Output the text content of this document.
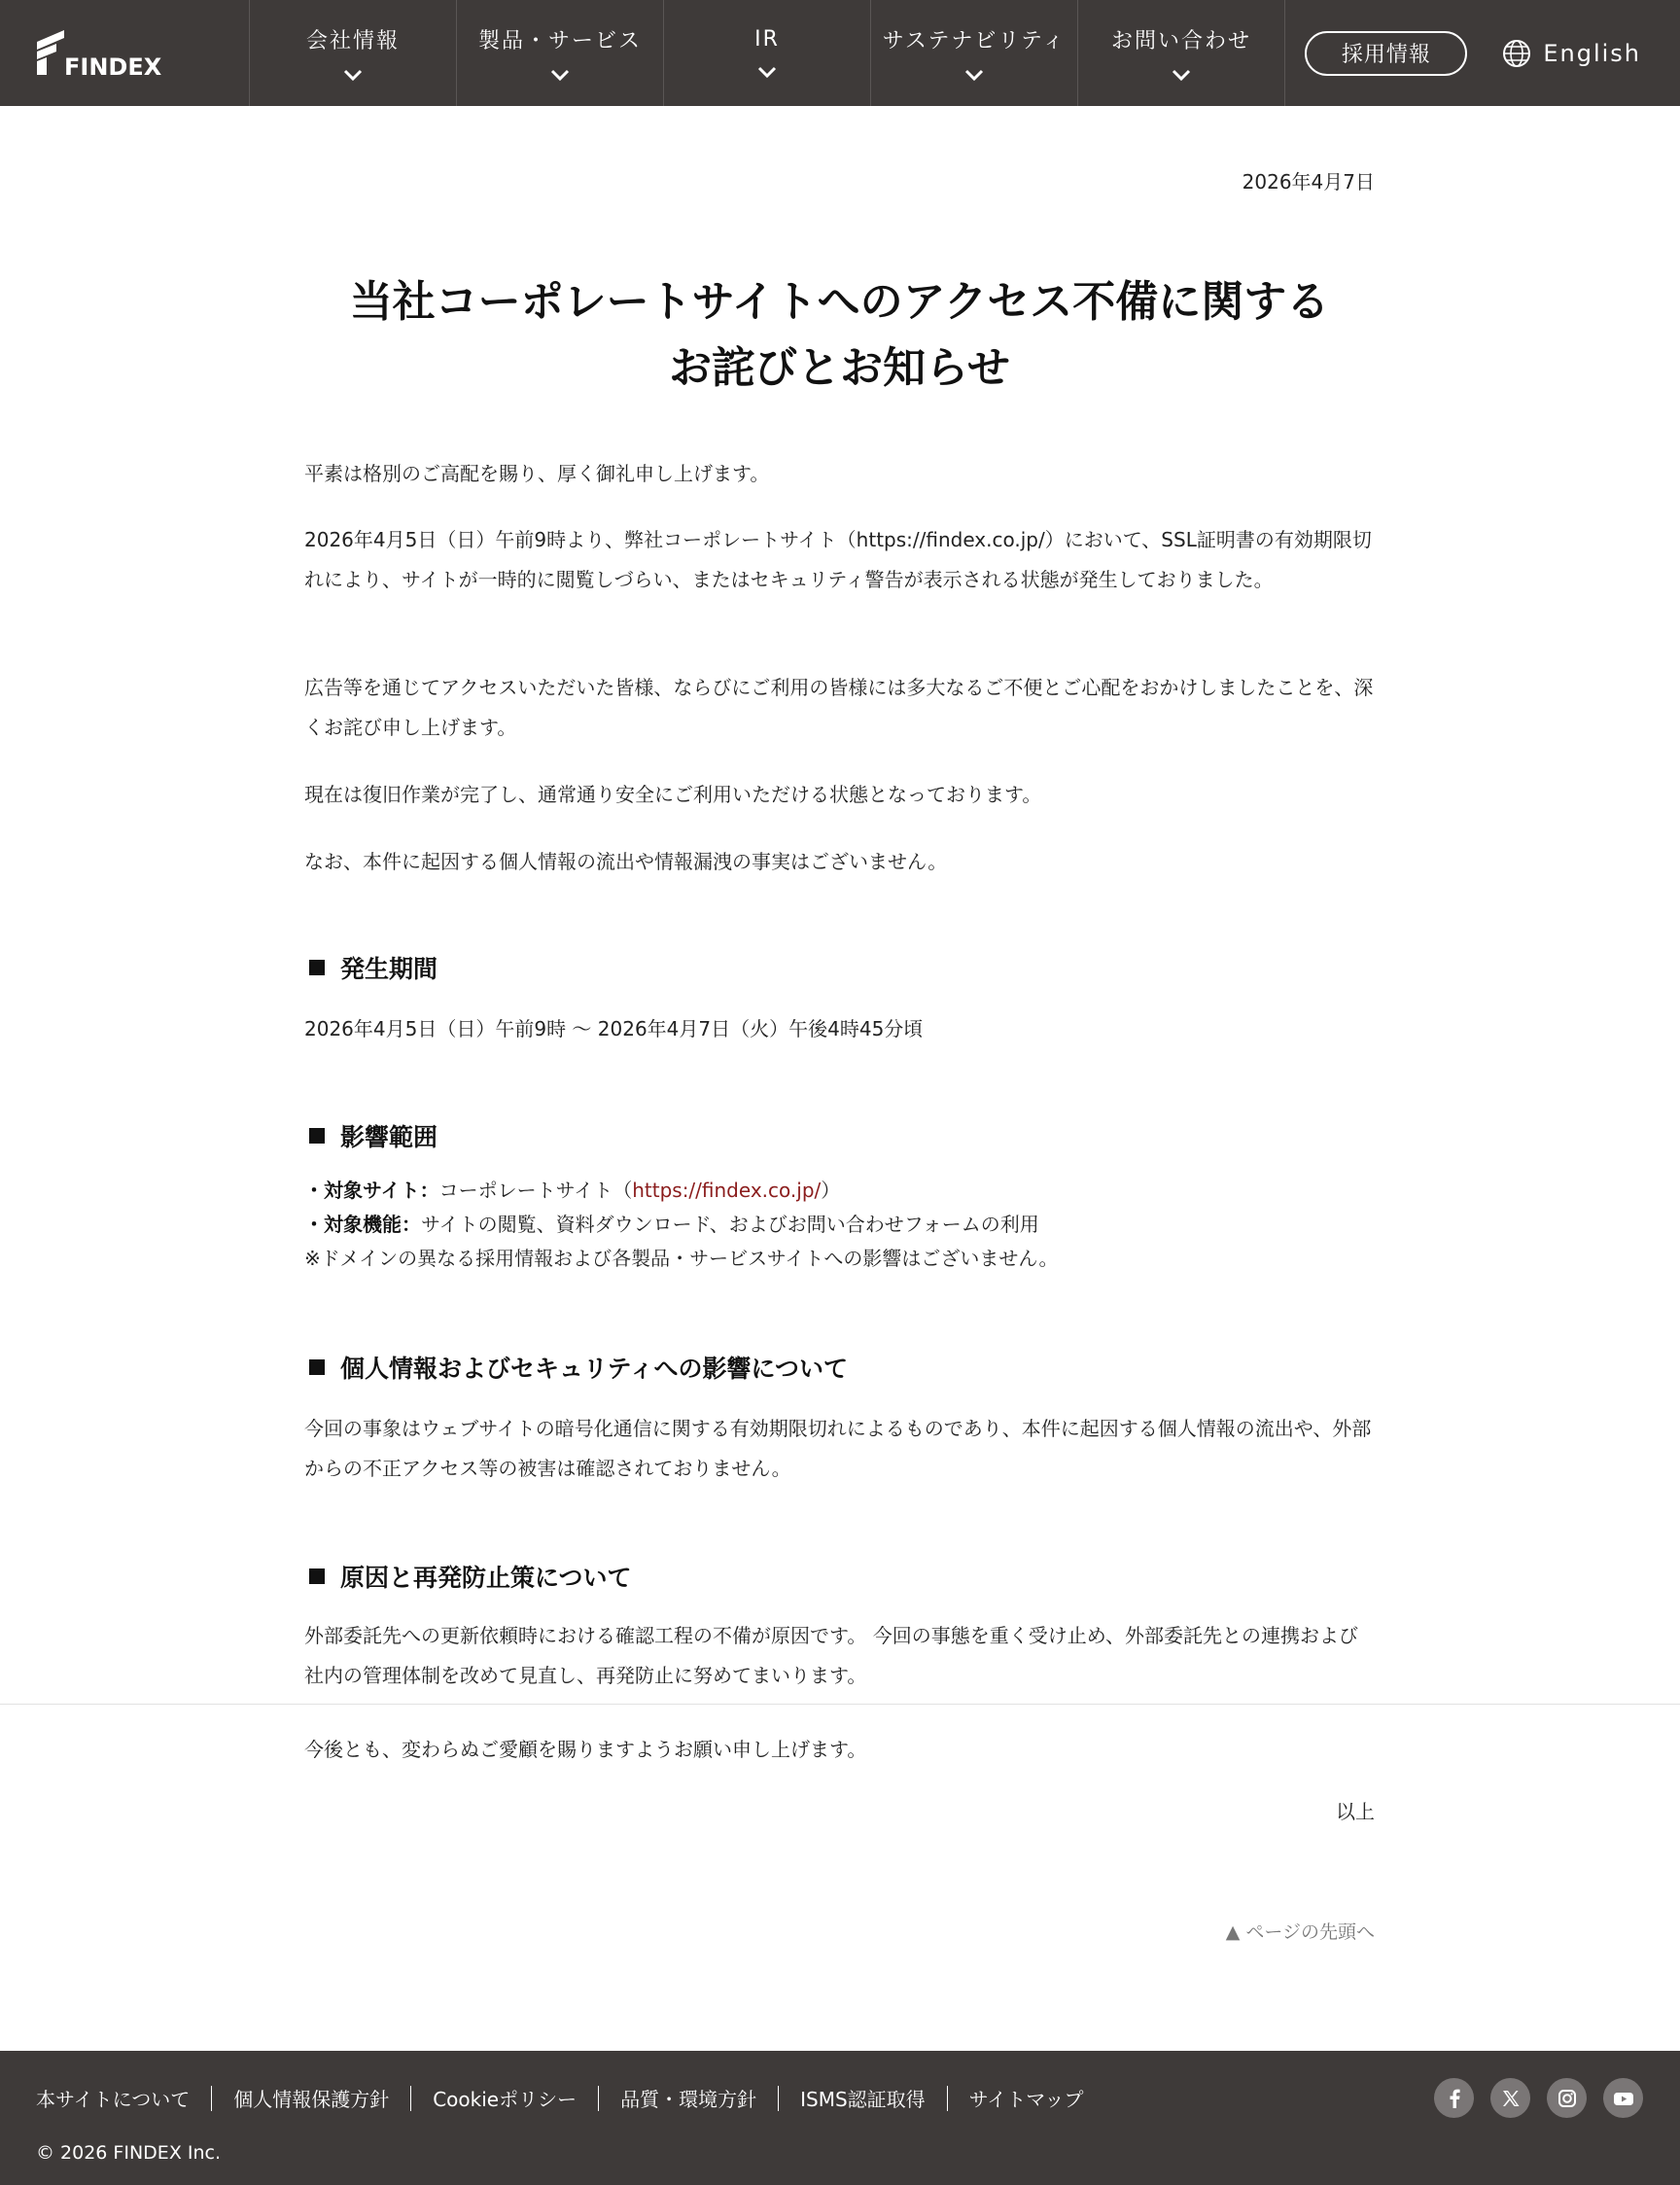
FINDEX
会社情報	製品・サービス	IR	サステナビリティ お問い合わせ
採用情報	English
2026年4月7日
当社コーポレートサイトへのアクセス不備に関する
お詫びとお知らせ

平素は格別のご高配を賜り、厚く御礼申し上げます。

2026年4月5日（日）午前9時より、弊社コーポレートサイト（https://findex.co.jp/）において、SSL証明書の有効期限切れにより、サイトが一時的に閲覧しづらい、またはセキュリティ警告が表示される状態が発生しておりました。

広告等を通じてアクセスいただいた皆様、ならびにご利用の皆様には多大なるご不便とご心配をおかけしましたことを、深くお詫び申し上げます。

現在は復旧作業が完了し、通常通り安全にご利用いただける状態となっております。

なお、本件に起因する個人情報の流出や情報漏洩の事実はございません。

発生期間

2026年4月5日（日）午前9時 ～ 2026年4月7日（火）午後4時45分頃

影響範囲
・対象サイト：コーポレートサイト（https://findex.co.jp/）
・対象機能：サイトの閲覧、資料ダウンロード、およびお問い合わせフォームの利用
※ドメインの異なる採用情報および各製品・サービスサイトへの影響はございません。
個人情報およびセキュリティへの影響について

今回の事象はウェブサイトの暗号化通信に関する有効期限切れによるものであり、本件に起因する個人情報の流出や、外部からの不正アクセス等の被害は確認されておりません。

原因と再発防止策について

外部委託先への更新依頼時における確認工程の不備が原因です。 今回の事態を重く受け止め、外部委託先との連携および社内の管理体制を改めて見直し、再発防止に努めてまいります。

今後とも、変わらぬご愛顧を賜りますようお願い申し上げます。

以上
▲ ページの先頭へ
本サイトについて 個人情報保護方針 Cookieポリシー 品質・環境方針 ISMS認証取得 サイトマップ
© 2026 FINDEX Inc.
